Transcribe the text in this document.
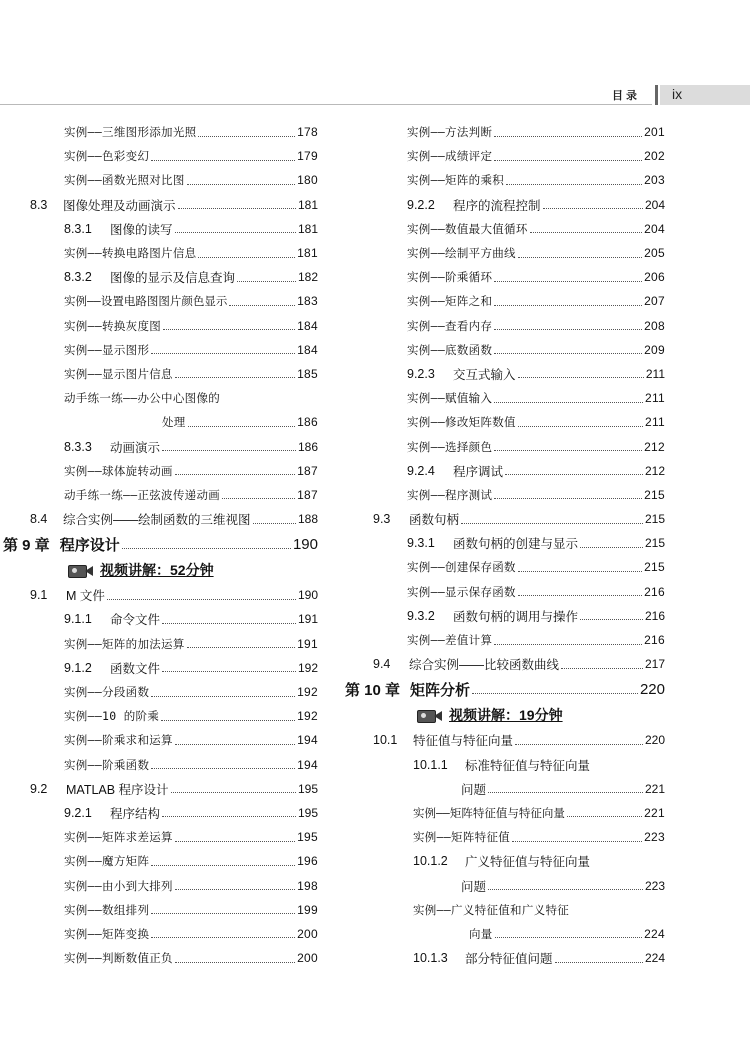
目录 ix
实例——三维图形添加光照	178
实例——色彩变幻	179
实例——函数光照对比图	180
8.3	图像处理及动画演示	181
8.3.1	图像的读写	181
实例——转换电路图片信息	181
8.3.2	图像的显示及信息查询	182
实例——设置电路图图片颜色显示	183
实例——转换灰度图	184
实例——显示图形	184
实例——显示图片信息	185
动手练一练——办公中心图像的
处理	186
8.3.3	动画演示	186
实例——球体旋转动画	187
动手练一练——正弦波传递动画	187
8.4	综合实例——绘制函数的三维视图	188
第 9 章 程序设计	190
视频讲解：52分钟
9.1	M 文件	190
9.1.1	命令文件	191
实例——矩阵的加法运算	191
9.1.2	函数文件	192
实例——分段函数	192
实例——10 的阶乘	192
实例——阶乘求和运算	194
实例——阶乘函数	194
9.2	MATLAB 程序设计	195
9.2.1	程序结构	195
实例——矩阵求差运算	195
实例——魔方矩阵	196
实例——由小到大排列	198
实例——数组排列	199
实例——矩阵变换	200
实例——判断数值正负	200
实例——方法判断	201
实例——成绩评定	202
实例——矩阵的乘积	203
9.2.2	程序的流程控制	204
实例——数值最大值循环	204
实例——绘制平方曲线	205
实例——阶乘循环	206
实例——矩阵之和	207
实例——查看内存	208
实例——底数函数	209
9.2.3	交互式输入	211
实例——赋值输入	211
实例——修改矩阵数值	211
实例——选择颜色	212
9.2.4	程序调试	212
实例——程序测试	215
9.3	函数句柄	215
9.3.1	函数句柄的创建与显示	215
实例——创建保存函数	215
实例——显示保存函数	216
9.3.2	函数句柄的调用与操作	216
实例——差值计算	216
9.4	综合实例——比较函数曲线	217
第 10 章 矩阵分析	220
视频讲解：19分钟
10.1	特征值与特征向量	220
10.1.1	标准特征值与特征向量
问题	221
实例——矩阵特征值与特征向量	221
实例——矩阵特征值	223
10.1.2	广义特征值与特征向量
问题	223
实例——广义特征值和广义特征
向量	224
10.1.3	部分特征值问题	224
